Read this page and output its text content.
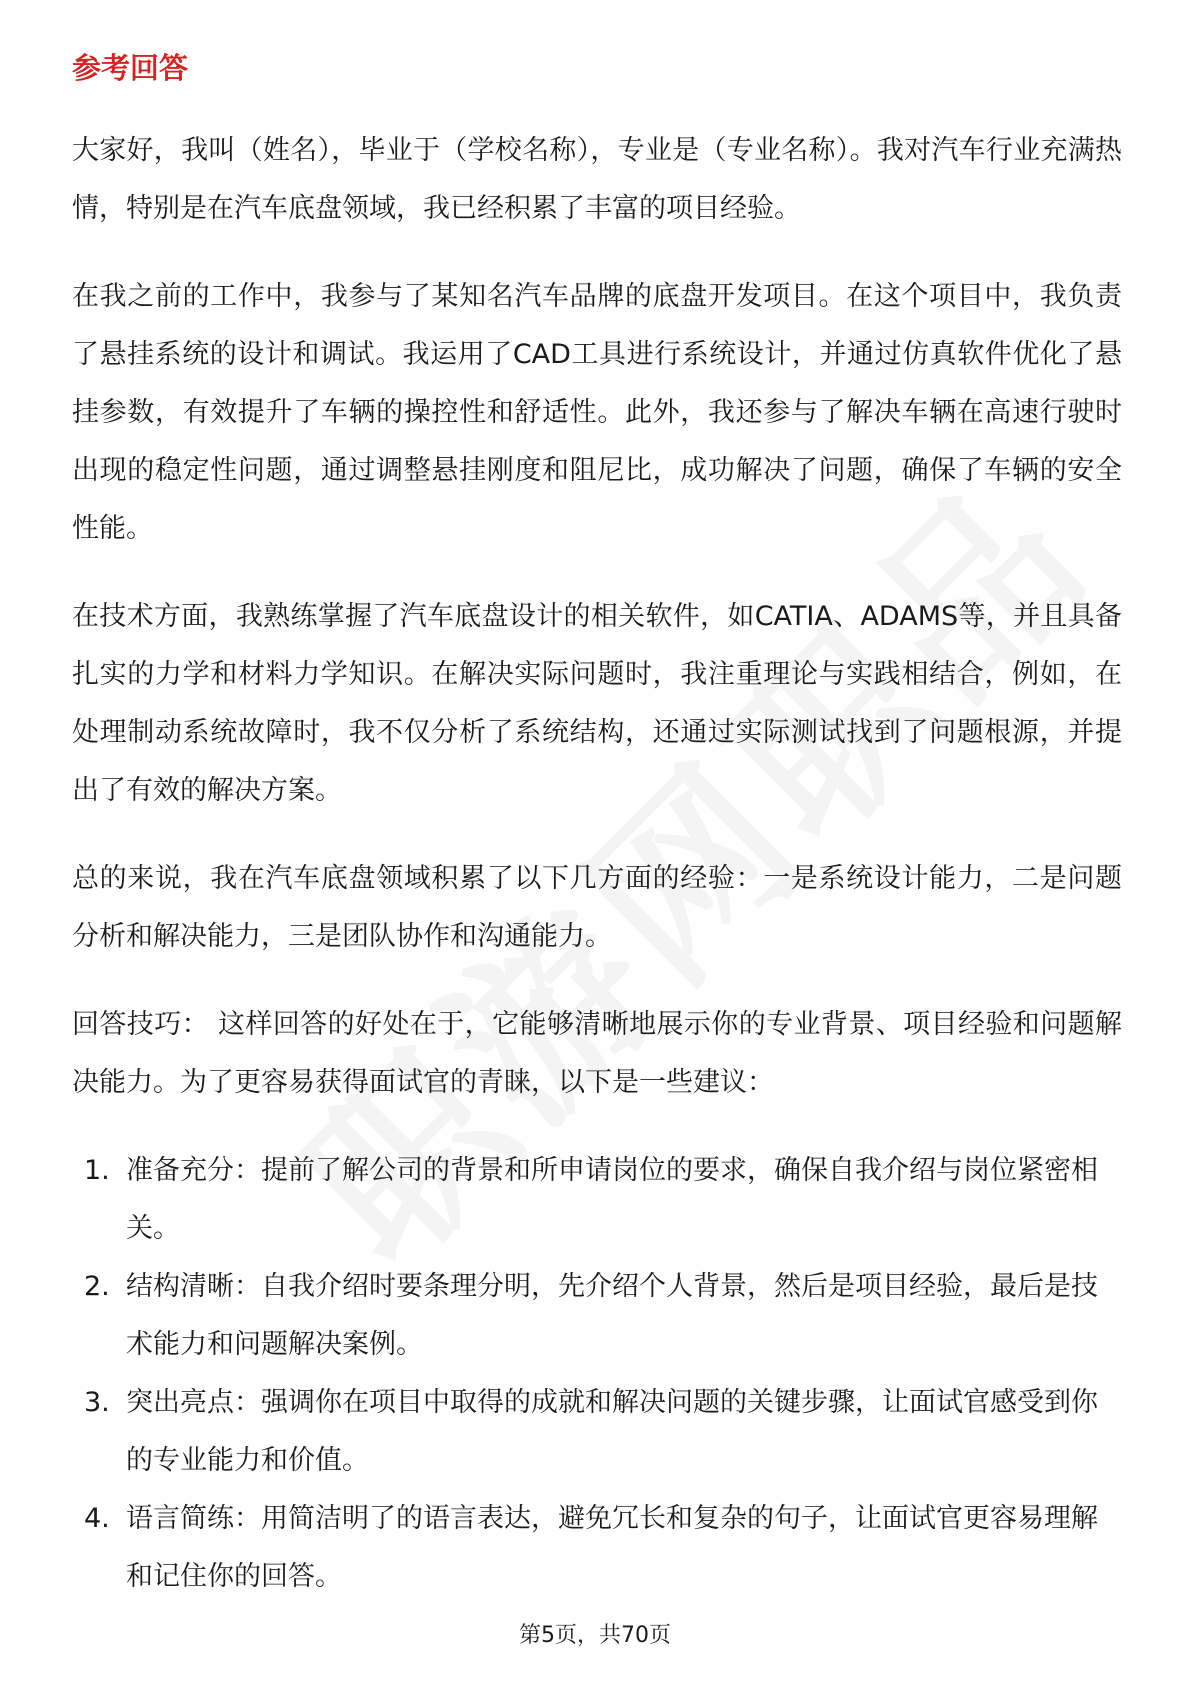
参考回答

大家好，我叫（姓名），毕业于（学校名称），专业是（专业名称）。我对汽车行业充满热情，特别是在汽车底盘领域，我已经积累了丰富的项目经验。

在我之前的工作中，我参与了某知名汽车品牌的底盘开发项目。在这个项目中，我负责了悬挂系统的设计和调试。我运用了CAD工具进行系统设计，并通过仿真软件优化了悬挂参数，有效提升了车辆的操控性和舒适性。此外，我还参与了解决车辆在高速行驶时出现的稳定性问题，通过调整悬挂刚度和阻尼比，成功解决了问题，确保了车辆的安全性能。

在技术方面，我熟练掌握了汽车底盘设计的相关软件，如CATIA、ADAMS等，并且具备扎实的力学和材料力学知识。在解决实际问题时，我注重理论与实践相结合，例如，在处理制动系统故障时，我不仅分析了系统结构，还通过实际测试找到了问题根源，并提出了有效的解决方案。

总的来说，我在汽车底盘领域积累了以下几方面的经验：一是系统设计能力，二是问题分析和解决能力，三是团队协作和沟通能力。

回答技巧： 这样回答的好处在于，它能够清晰地展示你的专业背景、项目经验和问题解决能力。为了更容易获得面试官的青睐，以下是一些建议：

1. 准备充分：提前了解公司的背景和所申请岗位的要求，确保自我介绍与岗位紧密相关。
2. 结构清晰：自我介绍时要条理分明，先介绍个人背景，然后是项目经验，最后是技术能力和问题解决案例。
3. 突出亮点：强调你在项目中取得的成就和解决问题的关键步骤，让面试官感受到你的专业能力和价值。
4. 语言简练：用简洁明了的语言表达，避免冗长和复杂的句子，让面试官更容易理解和记住你的回答。
第5页，共70页
